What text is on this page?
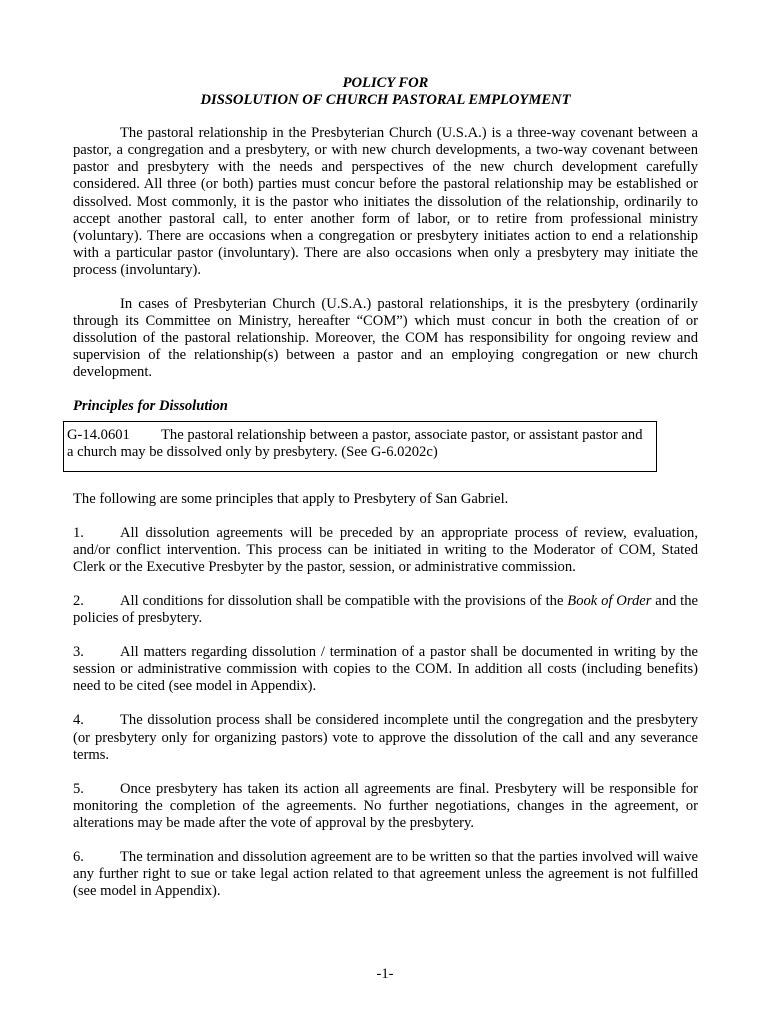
POLICY FOR
DISSOLUTION OF CHURCH PASTORAL EMPLOYMENT

The pastoral relationship in the Presbyterian Church (U.S.A.) is a three-way covenant between a pastor, a congregation and a presbytery, or with new church developments, a two-way covenant between pastor and presbytery with the needs and perspectives of the new church development carefully considered. All three (or both) parties must concur before the pastoral relationship may be established or dissolved. Most commonly, it is the pastor who initiates the dissolution of the relationship, ordinarily to accept another pastoral call, to enter another form of labor, or to retire from professional ministry (voluntary). There are occasions when a congregation or presbytery initiates action to end a relationship with a particular pastor (involuntary). There are also occasions when only a presbytery may initiate the process (involuntary).

In cases of Presbyterian Church (U.S.A.) pastoral relationships, it is the presbytery (ordinarily through its Committee on Ministry, hereafter “COM”) which must concur in both the creation of or dissolution of the pastoral relationship. Moreover, the COM has responsibility for ongoing review and supervision of the relationship(s) between a pastor and an employing congregation or new church development.

Principles for Dissolution

G-14.0601 The pastoral relationship between a pastor, associate pastor, or assistant pastor and a church may be dissolved only by presbytery. (See G-6.0202c)

The following are some principles that apply to Presbytery of San Gabriel.

1. All dissolution agreements will be preceded by an appropriate process of review, evaluation, and/or conflict intervention. This process can be initiated in writing to the Moderator of COM, Stated Clerk or the Executive Presbyter by the pastor, session, or administrative commission.

2. All conditions for dissolution shall be compatible with the provisions of the Book of Order and the policies of presbytery.

3. All matters regarding dissolution / termination of a pastor shall be documented in writing by the session or administrative commission with copies to the COM. In addition all costs (including benefits) need to be cited (see model in Appendix).

4. The dissolution process shall be considered incomplete until the congregation and the presbytery (or presbytery only for organizing pastors) vote to approve the dissolution of the call and any severance terms.

5. Once presbytery has taken its action all agreements are final. Presbytery will be responsible for monitoring the completion of the agreements. No further negotiations, changes in the agreement, or alterations may be made after the vote of approval by the presbytery.

6. The termination and dissolution agreement are to be written so that the parties involved will waive any further right to sue or take legal action related to that agreement unless the agreement is not fulfilled (see model in Appendix).

-1-
